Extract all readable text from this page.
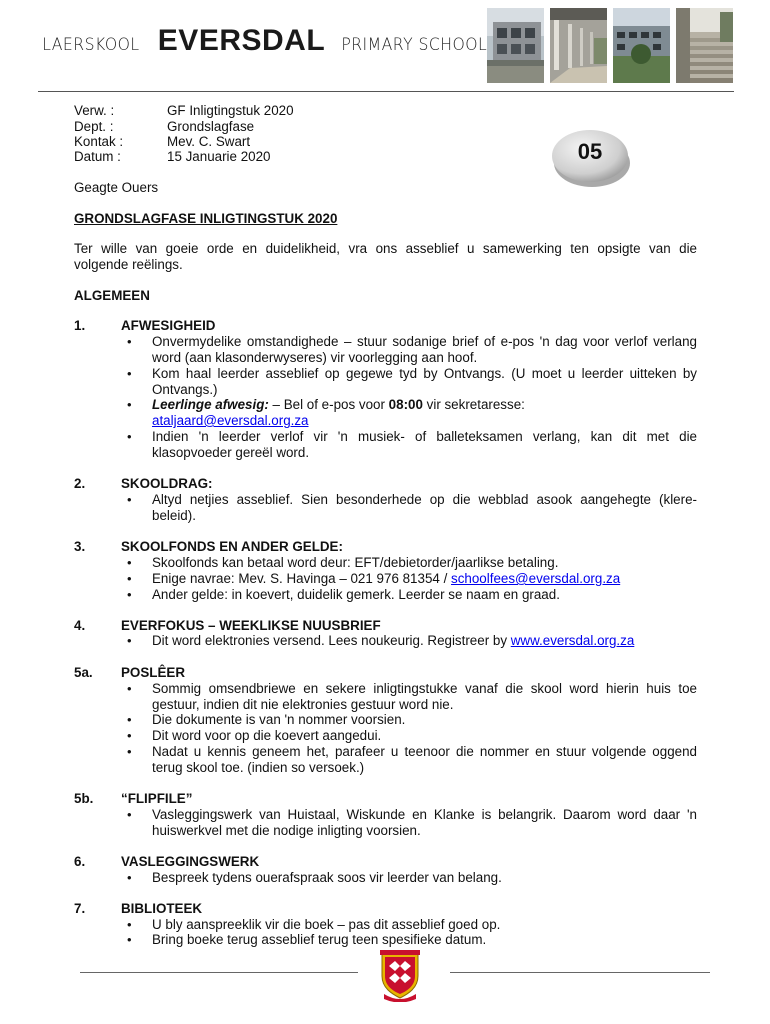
LAERSKOOL EVERSDAL PRIMARY SCHOOL
Verw. :	GF Inligtingstuk 2020
Dept. :	Grondslagfase
Kontak :	Mev. C. Swart
Datum :	15 Januarie 2020	05
Geagte Ouers
GRONDSLAGFASE INLIGTINGSTUK 2020
Ter wille van goeie orde en duidelikheid, vra ons asseblief u samewerking ten opsigte van die
volgende reëlings.
ALGEMEEN
1.	AFWESIGHEID
• Onvermydelike omstandighede – stuur sodanige brief of e-pos 'n dag voor verlof verlang
word (aan klasonderwyseres) vir voorlegging aan hoof.
• Kom haal leerder asseblief op gegewe tyd by Ontvangs. (U moet u leerder uitteken by
Ontvangs.)
• Leerlinge afwesig: – Bel of e-pos voor 08:00 vir sekretaresse:
ataljaard@eversdal.org.za
• Indien 'n leerder verlof vir 'n musiek- of balleteksamen verlang, kan dit met die
klasopvoeder gereël word.
2.	SKOOLDRAG:
• Altyd netjies asseblief. Sien besonderhede op die webblad asook aangehegte (klere-
beleid).
3.	SKOOLFONDS EN ANDER GELDE:
• Skoolfonds kan betaal word deur: EFT/debietorder/jaarlikse betaling.
• Enige navrae: Mev. S. Havinga – 021 976 81354 / schoolfees@eversdal.org.za
• Ander gelde: in koevert, duidelik gemerk. Leerder se naam en graad.
4.	EVERFOKUS – WEEKLIKSE NUUSBRIEF
• Dit word elektronies versend. Lees noukeurig. Registreer by www.eversdal.org.za
5a. POSLÊER
• Sommig omsendbriewe en sekere inligtingstukke vanaf die skool word hierin huis toe
gestuur, indien dit nie elektronies gestuur word nie.
• Die dokumente is van 'n nommer voorsien.
• Dit word voor op die koevert aangedui.
• Nadat u kennis geneem het, parafeer u teenoor die nommer en stuur volgende oggend
terug skool toe. (indien so versoek.)
5b. “FLIPFILE”
• Vasleggingswerk van Huistaal, Wiskunde en Klanke is belangrik. Daarom word daar 'n
huiswerkvel met die nodige inligting voorsien.
6.	VASLEGGINGSWERK
• Bespreek tydens ouerafspraak soos vir leerder van belang.
7.	BIBLIOTEEK
• U bly aanspreeklik vir die boek – pas dit asseblief goed op.
• Bring boeke terug asseblief terug teen spesifieke datum.
